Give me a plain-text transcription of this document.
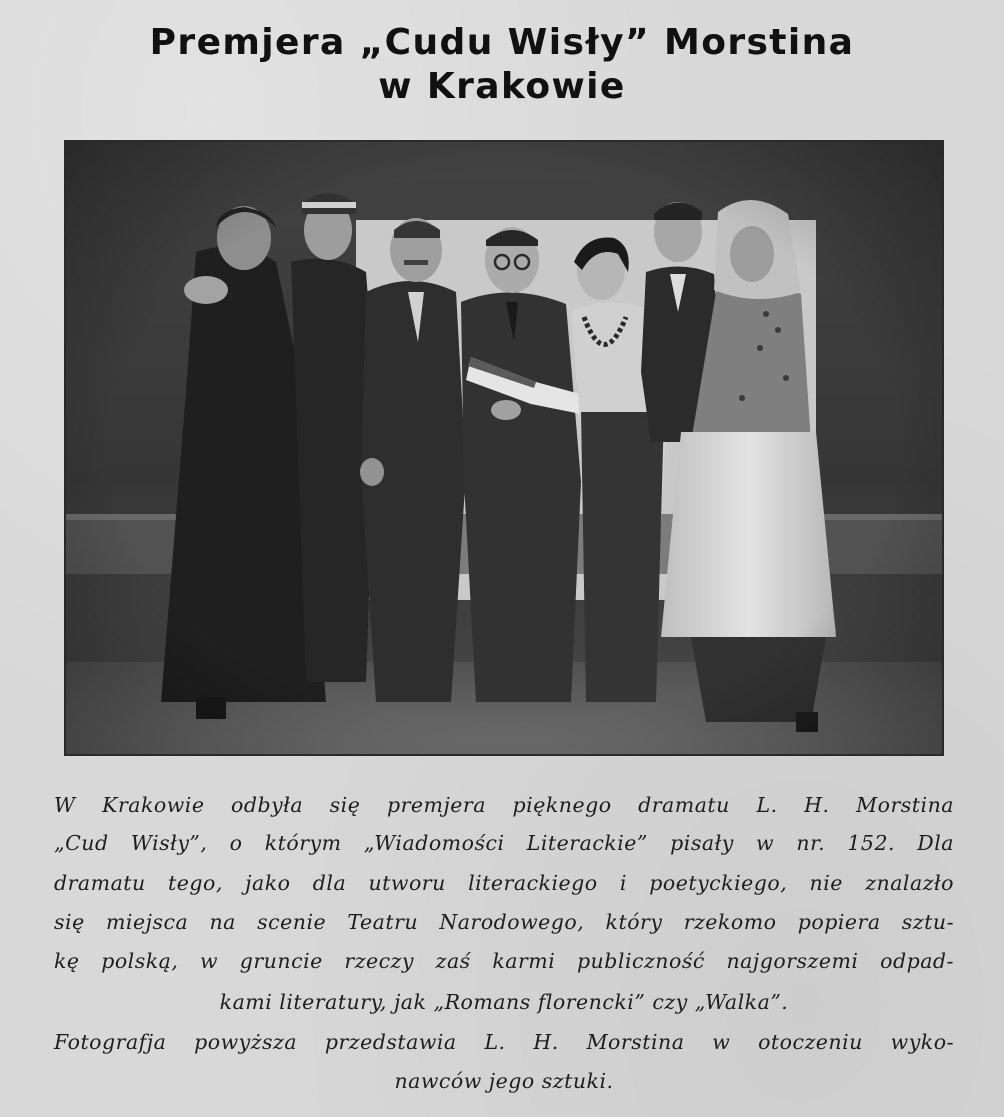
Premjera „Cudu Wisły” Morstina
w Krakowie
W Krakowie odbyła się premjera pięknego dramatu L. H. Morstina
„Cud Wisły”, o którym „Wiadomości Literackie” pisały w nr. 152. Dla
dramatu tego, jako dla utworu literackiego i poetyckiego, nie znalazło
się miejsca na scenie Teatru Narodowego, który rzekomo popiera sztu-
kę polską, w gruncie rzeczy zaś karmi publiczność najgorszemi odpad-
kami literatury, jak „Romans florencki” czy „Walka”.
Fotografja powyższa przedstawia L. H. Morstina w otoczeniu wyko-
nawców jego sztuki.
